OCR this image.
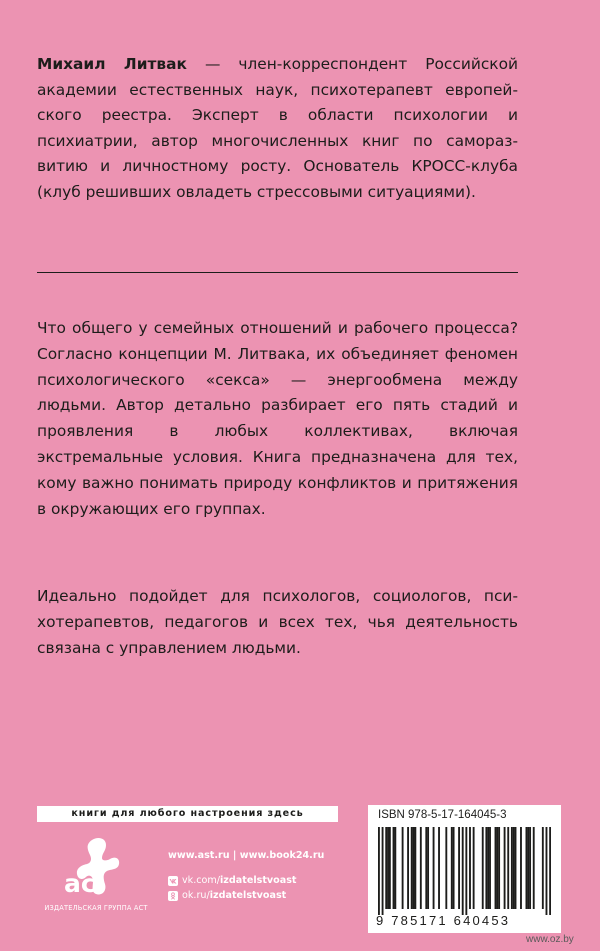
Михаил Литвак — член-корреспондент Российской академии естественных наук, психотерапевт европейского реестра. Эксперт в области психологии и психиатрии, автор многочисленных книг по саморазвитию и личностному росту. Основатель КРОСС-клуба (клуб решивших овладеть стрессовыми ситуациями).
Что общего у семейных отношений и рабочего процесса? Согласно концепции М. Литвака, их объединяет феномен психологического «секса» — энергообмена между людьми. Автор детально разбирает его пять стадий и проявления в любых коллективах, включая экстремальные условия. Книга предназначена для тех, кому важно понимать природу конфликтов и притяжения в окружающих его группах.
Идеально подойдет для психологов, социологов, психотерапевтов, педагогов и всех тех, чья деятельность связана с управлением людьми.
книги для любого настроения здесь
ас
ИЗДАТЕЛЬСКАЯ ГРУППА АСТ
www.ast.ru | www.book24.ru
vk.com/ izdatelstvoast
ok.ru/ izdatelstvoast
ISBN 978-5-17-164045-3
9 785171 640453
www.oz.by
